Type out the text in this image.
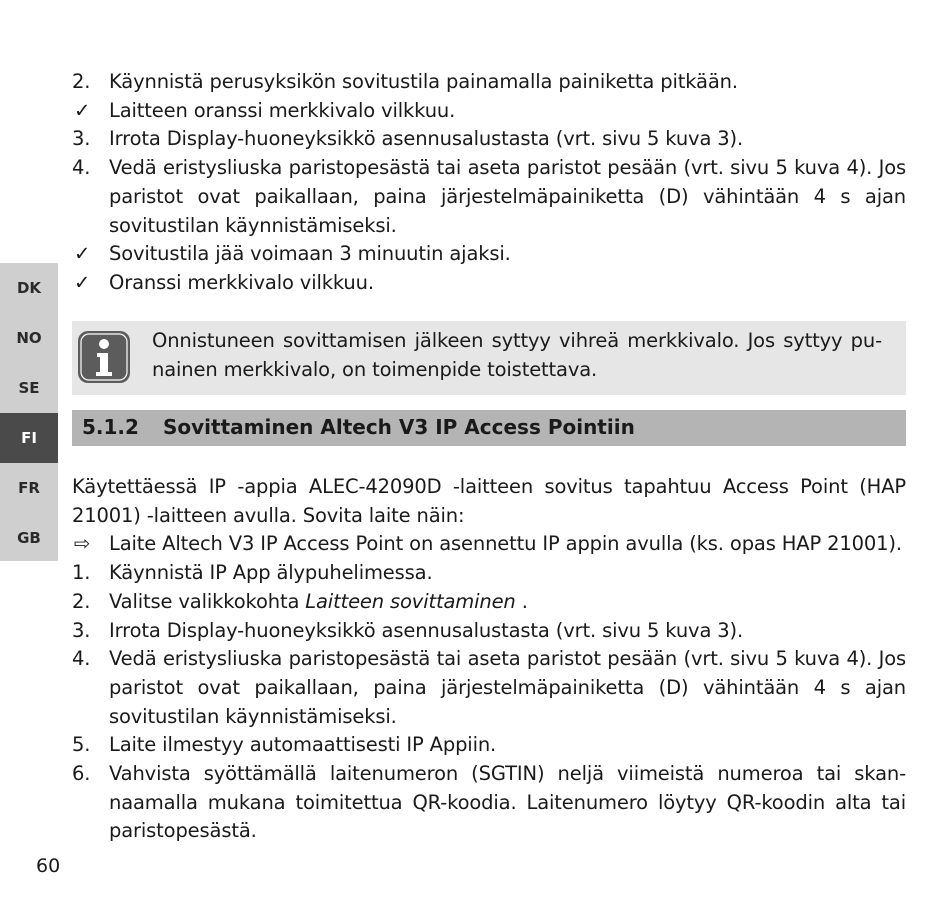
DK
NO
SE
FI
FR
GB
2. Käynnistä perusyksikön sovitustila painamalla painiketta pitkään.
✓ Laitteen oranssi merkkivalo vilkkuu.
3. Irrota Display-huoneyksikkö asennusalustasta (vrt. sivu 5 kuva 3).
4. Vedä eristysliuska paristopesästä tai aseta paristot pesään (vrt. sivu 5 kuva 4). Jos paristot ovat paikallaan, paina järjestelmäpainiketta (D) vähintään 4 s ajan sovitustilan käynnistämiseksi.
✓ Sovitustila jää voimaan 3 minuutin ajaksi.
✓ Oranssi merkkivalo vilkkuu.
Onnistuneen sovittamisen jälkeen syttyy vihreä merkkivalo. Jos syttyy pu-nainen merkkivalo, on toimenpide toistettava.
5.1.2 Sovittaminen Altech V3 IP Access Pointiin

Käytettäessä IP -appia ALEC-42090D -laitteen sovitus tapahtuu Access Point (HAP 21001) -laitteen avulla. Sovita laite näin:

⇨ Laite Altech V3 IP Access Point on asennettu IP appin avulla (ks. opas HAP 21001).
1. Käynnistä IP App älypuhelimessa.
2. Valitse valikkokohta Laitteen sovittaminen .
3. Irrota Display-huoneyksikkö asennusalustasta (vrt. sivu 5 kuva 3).
4. Vedä eristysliuska paristopesästä tai aseta paristot pesään (vrt. sivu 5 kuva 4). Jos paristot ovat paikallaan, paina järjestelmäpainiketta (D) vähintään 4 s ajan sovitustilan käynnistämiseksi.
5. Laite ilmestyy automaattisesti IP Appiin.
6. Vahvista syöttämällä laitenumeron (SGTIN) neljä viimeistä numeroa tai skan-naamalla mukana toimitettua QR-koodia. Laitenumero löytyy QR-koodin alta tai paristopesästä.
60
